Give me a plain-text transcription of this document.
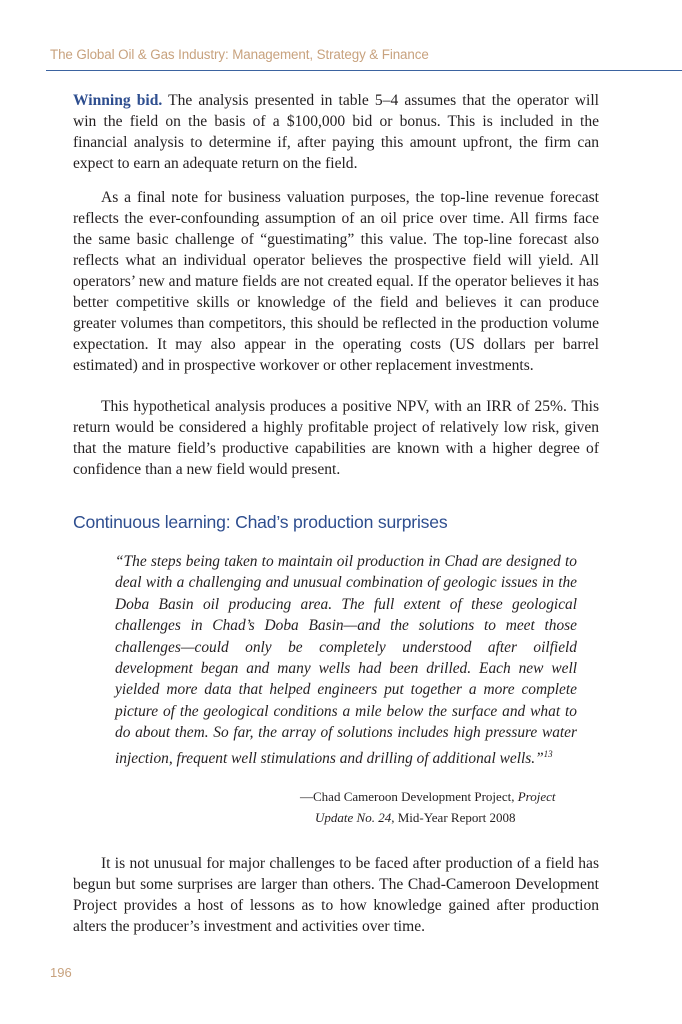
The Global Oil & Gas Industry: Management, Strategy & Finance

Winning bid. The analysis presented in table 5–4 assumes that the operator will win the field on the basis of a $100,000 bid or bonus. This is included in the financial analysis to determine if, after paying this amount upfront, the firm can expect to earn an adequate return on the field.

As a final note for business valuation purposes, the top-line revenue forecast reflects the ever-confounding assumption of an oil price over time. All firms face the same basic challenge of “guestimating” this value. The top-line forecast also reflects what an individual operator believes the prospective field will yield. All operators’ new and mature fields are not created equal. If the operator believes it has better competitive skills or knowledge of the field and believes it can produce greater volumes than competitors, this should be reflected in the production volume expectation. It may also appear in the operating costs (US dollars per barrel estimated) and in prospective workover or other replacement investments.

This hypothetical analysis produces a positive NPV, with an IRR of 25%. This return would be considered a highly profitable project of relatively low risk, given that the mature field’s productive capabilities are known with a higher degree of confidence than a new field would present.

Continuous learning: Chad’s production surprises

“The steps being taken to maintain oil production in Chad are designed to deal with a challenging and unusual combination of geologic issues in the Doba Basin oil producing area. The full extent of these geological challenges in Chad’s Doba Basin—and the solutions to meet those challenges—could only be completely understood after oilfield development began and many wells had been drilled. Each new well yielded more data that helped engineers put together a more complete picture of the geological conditions a mile below the surface and what to do about them. So far, the array of solutions includes high pressure water injection, frequent well stimulations and drilling of additional wells.”$^{13}$

—Chad Cameroon Development Project, Project
Update No. 24, Mid-Year Report 2008

It is not unusual for major challenges to be faced after production of a field has begun but some surprises are larger than others. The Chad-Cameroon Development Project provides a host of lessons as to how knowledge gained after production alters the producer’s investment and activities over time.

196
